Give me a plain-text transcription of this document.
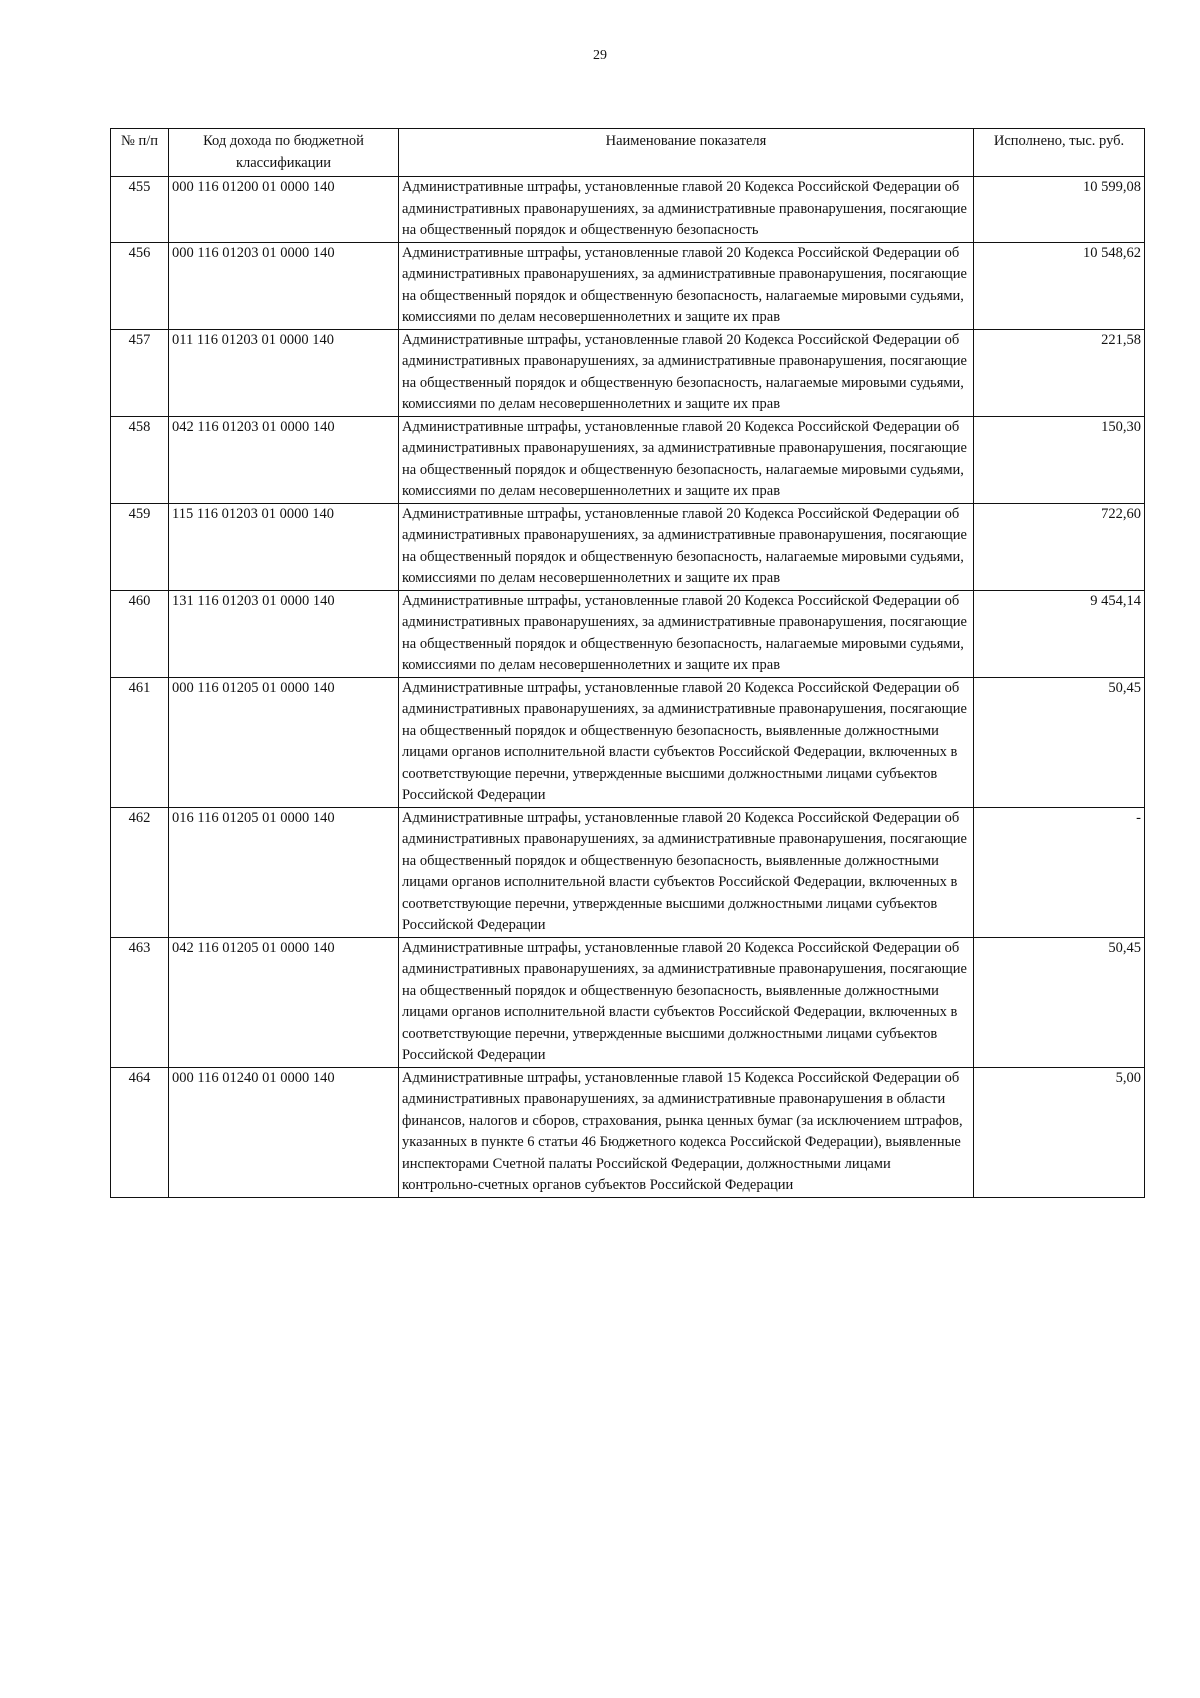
29
№ п/п	Код дохода по бюджетной классификации	Наименование показателя	Исполнено, тыс. руб.
455	000 116 01200 01 0000 140	Административные штрафы, установленные главой 20 Кодекса Российской Федерации об административных правонарушениях, за административные правонарушения, посягающие на общественный порядок и общественную безопасность	10 599,08
456	000 116 01203 01 0000 140	Административные штрафы, установленные главой 20 Кодекса Российской Федерации об административных правонарушениях, за административные правонарушения, посягающие на общественный порядок и общественную безопасность, налагаемые мировыми судьями, комиссиями по делам несовершеннолетних и защите их прав	10 548,62
457	011 116 01203 01 0000 140	Административные штрафы, установленные главой 20 Кодекса Российской Федерации об административных правонарушениях, за административные правонарушения, посягающие на общественный порядок и общественную безопасность, налагаемые мировыми судьями, комиссиями по делам несовершеннолетних и защите их прав	221,58
458	042 116 01203 01 0000 140	Административные штрафы, установленные главой 20 Кодекса Российской Федерации об административных правонарушениях, за административные правонарушения, посягающие на общественный порядок и общественную безопасность, налагаемые мировыми судьями, комиссиями по делам несовершеннолетних и защите их прав	150,30
459	115 116 01203 01 0000 140	Административные штрафы, установленные главой 20 Кодекса Российской Федерации об административных правонарушениях, за административные правонарушения, посягающие на общественный порядок и общественную безопасность, налагаемые мировыми судьями, комиссиями по делам несовершеннолетних и защите их прав	722,60
460	131 116 01203 01 0000 140	Административные штрафы, установленные главой 20 Кодекса Российской Федерации об административных правонарушениях, за административные правонарушения, посягающие на общественный порядок и общественную безопасность, налагаемые мировыми судьями, комиссиями по делам несовершеннолетних и защите их прав	9 454,14
461	000 116 01205 01 0000 140	Административные штрафы, установленные главой 20 Кодекса Российской Федерации об административных правонарушениях, за административные правонарушения, посягающие на общественный порядок и общественную безопасность, выявленные должностными лицами органов исполнительной власти субъектов Российской Федерации, включенных в соответствующие перечни, утвержденные высшими должностными лицами субъектов Российской Федерации	50,45
462	016 116 01205 01 0000 140	Административные штрафы, установленные главой 20 Кодекса Российской Федерации об административных правонарушениях, за административные правонарушения, посягающие на общественный порядок и общественную безопасность, выявленные должностными лицами органов исполнительной власти субъектов Российской Федерации, включенных в соответствующие перечни, утвержденные высшими должностными лицами субъектов Российской Федерации	-
463	042 116 01205 01 0000 140	Административные штрафы, установленные главой 20 Кодекса Российской Федерации об административных правонарушениях, за административные правонарушения, посягающие на общественный порядок и общественную безопасность, выявленные должностными лицами органов исполнительной власти субъектов Российской Федерации, включенных в соответствующие перечни, утвержденные высшими должностными лицами субъектов Российской Федерации	50,45
464	000 116 01240 01 0000 140	Административные штрафы, установленные главой 15 Кодекса Российской Федерации об административных правонарушениях, за административные правонарушения в области финансов, налогов и сборов, страхования, рынка ценных бумаг (за исключением штрафов, указанных в пункте 6 статьи 46 Бюджетного кодекса Российской Федерации), выявленные инспекторами Счетной палаты Российской Федерации, должностными лицами контрольно-счетных органов субъектов Российской Федерации	5,00
